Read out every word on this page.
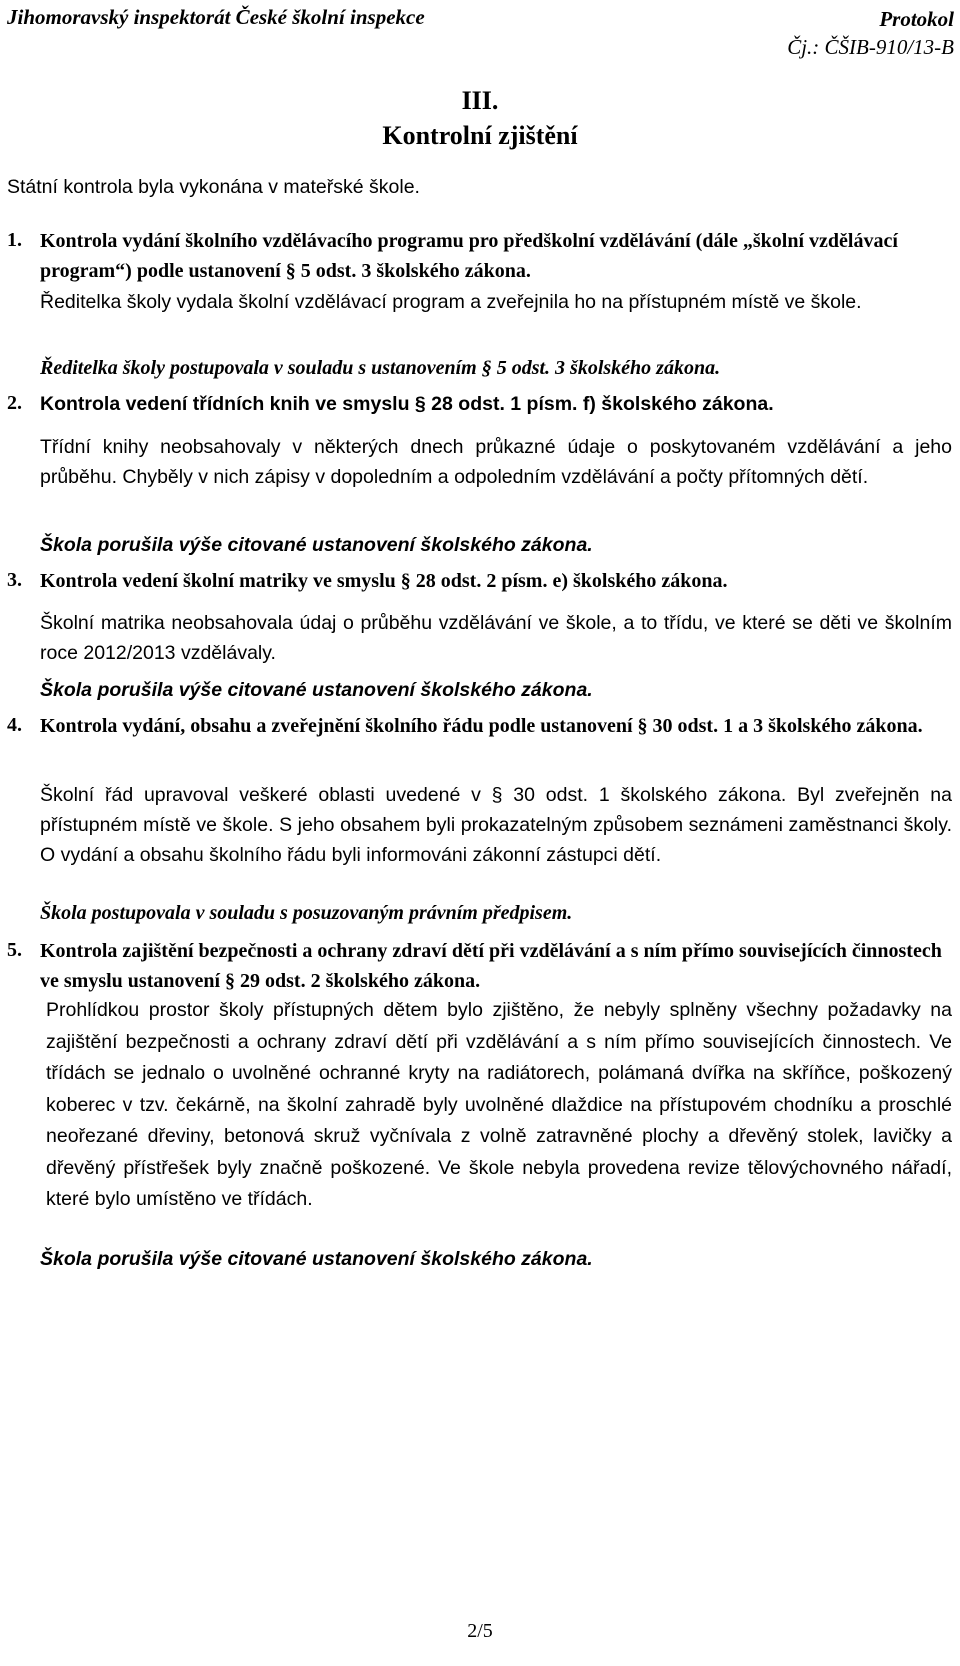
Jihomoravský inspektorát České školní inspekce	Protokol
Čj.: ČŠIB-910/13-B
III.
Kontrolní zjištění
Státní kontrola byla vykonána v mateřské škole.
1. Kontrola vydání školního vzdělávacího programu pro předškolní vzdělávání (dále „školní vzdělávací program“) podle ustanovení § 5 odst. 3 školského zákona.
Ředitelka školy vydala školní vzdělávací program a zveřejnila ho na přístupném místě ve škole.
Ředitelka školy postupovala v souladu s ustanovením § 5 odst. 3 školského zákona.
2. Kontrola vedení třídních knih ve smyslu § 28 odst. 1 písm. f) školského zákona.
Třídní knihy neobsahovaly v některých dnech průkazné údaje o poskytovaném vzdělávání a jeho průběhu. Chyběly v nich zápisy v dopoledním a odpoledním vzdělávání a počty přítomných dětí.
Škola porušila výše citované ustanovení školského zákona.
3. Kontrola vedení školní matriky ve smyslu § 28 odst. 2 písm. e) školského zákona.
Školní matrika neobsahovala údaj o průběhu vzdělávání ve škole, a to třídu, ve které se děti ve školním roce 2012/2013 vzdělávaly.
Škola porušila výše citované ustanovení školského zákona.
4. Kontrola vydání, obsahu a zveřejnění školního řádu podle ustanovení § 30 odst. 1 a 3 školského zákona.
Školní řád upravoval veškeré oblasti uvedené v § 30 odst. 1 školského zákona. Byl zveřejněn na přístupném místě ve škole. S jeho obsahem byli prokazatelným způsobem seznámeni zaměstnanci školy. O vydání a obsahu školního řádu byli informováni zákonní zástupci dětí.
Škola postupovala v souladu s posuzovaným právním předpisem.
5. Kontrola zajištění bezpečnosti a ochrany zdraví dětí při vzdělávání a s ním přímo souvisejících činnostech ve smyslu ustanovení § 29 odst. 2 školského zákona.
Prohlídkou prostor školy přístupných dětem bylo zjištěno, že nebyly splněny všechny požadavky na zajištění bezpečnosti a ochrany zdraví dětí při vzdělávání a s ním přímo souvisejících činnostech. Ve třídách se jednalo o uvolněné ochranné kryty na radiátorech, polámaná dvířka na skříňce, poškozený koberec v tzv. čekárně, na školní zahradě byly uvolněné dlaždice na přístupovém chodníku a proschlé neořezané dřeviny, betonová skruž vyčnívala z volně zatravněné plochy a dřevěný stolek, lavičky a dřevěný přístřešek byly značně poškozené. Ve škole nebyla provedena revize tělovýchovného nářadí, které bylo umístěno ve třídách.
Škola porušila výše citované ustanovení školského zákona.
2/5
